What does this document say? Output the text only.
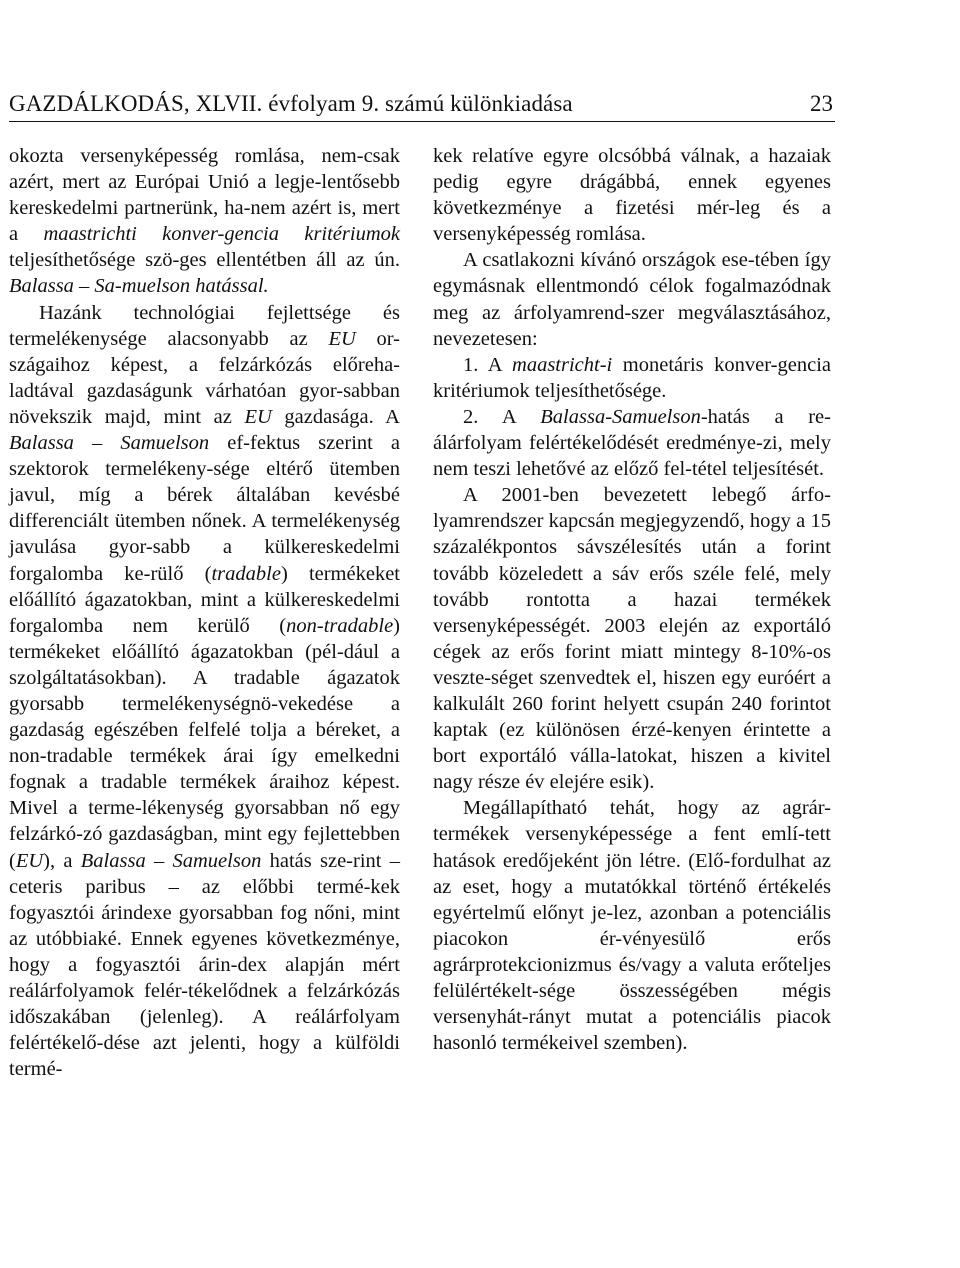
GAZDÁLKODÁS, XLVII. évfolyam 9. számú különkiadása	23

okozta versenyképesség romlása, nem-csak azért, mert az Európai Unió a legje-lentősebb kereskedelmi partnerünk, ha-nem azért is, mert a maastrichti konver-gencia kritériumok teljesíthetősége szö-ges ellentétben áll az ún. Balassa – Sa-muelson hatással.

Hazánk technológiai fejlettsége és termelékenysége alacsonyabb az EU or-szágaihoz képest, a felzárkózás előreha-ladtával gazdaságunk várhatóan gyor-sabban növekszik majd, mint az EU gazdasága. A Balassa – Samuelson ef-fektus szerint a szektorok termelékeny-sége eltérő ütemben javul, míg a bérek általában kevésbé differenciált ütemben nőnek. A termelékenység javulása gyor-sabb a külkereskedelmi forgalomba ke-rülő (tradable) termékeket előállító ágazatokban, mint a külkereskedelmi forgalomba nem kerülő (non-tradable) termékeket előállító ágazatokban (pél-dául a szolgáltatásokban). A tradable ágazatok gyorsabb termelékenységnö-vekedése a gazdaság egészében felfelé tolja a béreket, a non-tradable termékek árai így emelkedni fognak a tradable termékek áraihoz képest. Mivel a terme-lékenység gyorsabban nő egy felzárkó-zó gazdaságban, mint egy fejlettebben (EU), a Balassa – Samuelson hatás sze-rint – ceteris paribus – az előbbi termé-kek fogyasztói árindexe gyorsabban fog nőni, mint az utóbbiaké. Ennek egyenes következménye, hogy a fogyasztói árin-dex alapján mért reálárfolyamok felér-tékelődnek a felzárkózás időszakában (jelenleg). A reálárfolyam felértékelő-dése azt jelenti, hogy a külföldi termé-

kek relatíve egyre olcsóbbá válnak, a hazaiak pedig egyre drágábbá, ennek egyenes következménye a fizetési mér-leg és a versenyképesség romlása.

A csatlakozni kívánó országok ese-tében így egymásnak ellentmondó célok fogalmazódnak meg az árfolyamrend-szer megválasztásához, nevezetesen:

1. A maastricht-i monetáris konver-gencia kritériumok teljesíthetősége.

2. A Balassa-Samuelson-hatás a re-álárfolyam felértékelődését eredménye-zi, mely nem teszi lehetővé az előző fel-tétel teljesítését.

A 2001-ben bevezetett lebegő árfo-lyamrendszer kapcsán megjegyzendő, hogy a 15 százalékpontos sávszélesítés után a forint tovább közeledett a sáv erős széle felé, mely tovább rontotta a hazai termékek versenyképességét. 2003 elején az exportáló cégek az erős forint miatt mintegy 8-10%-os veszte-séget szenvedtek el, hiszen egy euróért a kalkulált 260 forint helyett csupán 240 forintot kaptak (ez különösen érzé-kenyen érintette a bort exportáló válla-latokat, hiszen a kivitel nagy része év elejére esik).

Megállapítható tehát, hogy az agrár-termékek versenyképessége a fent emlí-tett hatások eredőjeként jön létre. (Elő-fordulhat az az eset, hogy a mutatókkal történő értékelés egyértelmű előnyt je-lez, azonban a potenciális piacokon ér-vényesülő erős agrárprotekcionizmus és/vagy a valuta erőteljes felülértékelt-sége összességében mégis versenyhát-rányt mutat a potenciális piacok hasonló termékeivel szemben).
